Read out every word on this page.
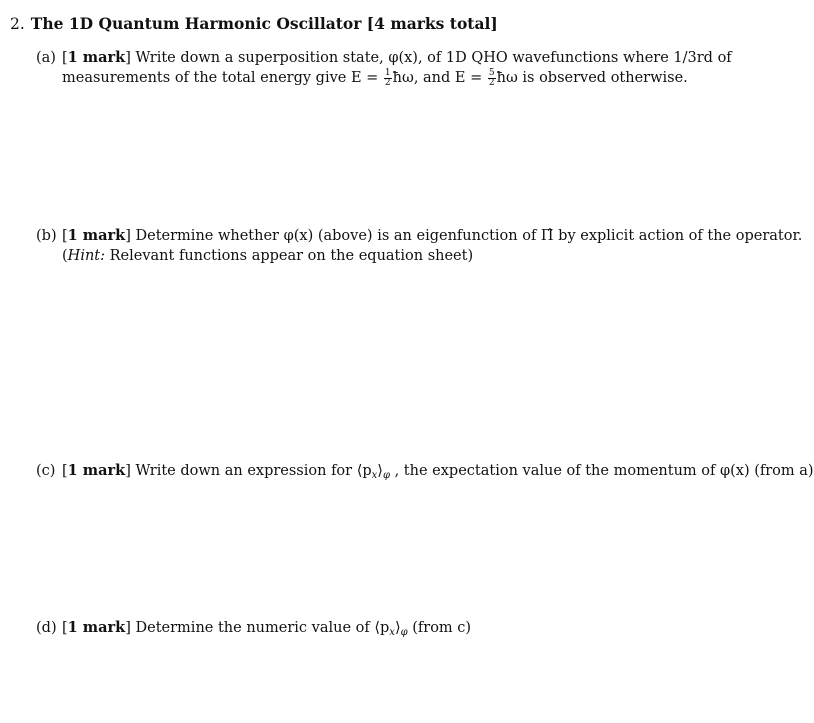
2. The 1D Quantum Harmonic Oscillator [4 marks total]
(a) [1 mark] Write down a superposition state, φ(x), of 1D QHO wavefunctions where 1/3rd of
measurements of the total energy give $E = \frac{1}{2}$ ħω, and $E = \frac{5}{2}$ ħω is observed otherwise.
(b) [1 mark] Determine whether φ(x) (above) is an eigenfunction of Π̂ by explicit action of the operator.
(Hint: Relevant functions appear on the equation sheet)
(c) [1 mark] Write down an expression for $⟨p_x⟩_\varphi$ , the expectation value of the momentum of φ(x) (from a)
(d) [1 mark] Determine the numeric value of $⟨p_x⟩_\varphi$ (from c)
